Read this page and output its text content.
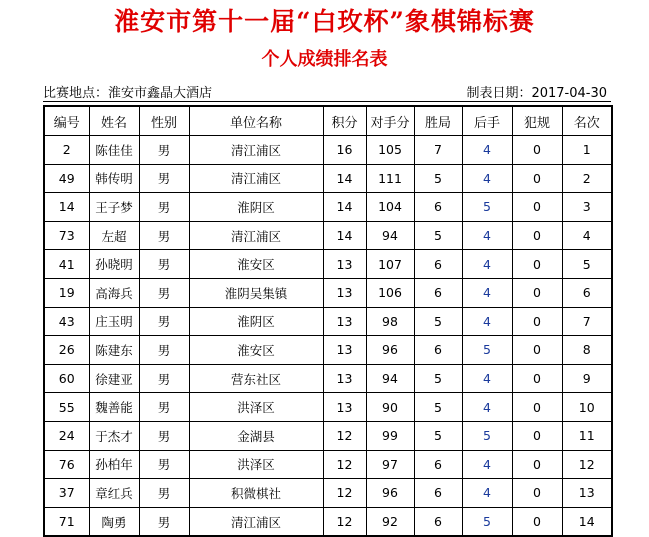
淮安市第十一届“白玫杯”象棋锦标赛
个人成绩排名表
比赛地点：淮安市鑫晶大酒店	制表日期：2017-04-30
编号	姓名	性别	单位名称	积分	对手分	胜局	后手	犯规	名次
2	陈佳佳	男	清江浦区	16	105	7	4	0	1
49	韩传明	男	清江浦区	14	111	5	4	0	2
14	王子梦	男	淮阴区	14	104	6	5	0	3
73	左超	男	清江浦区	14	94	5	4	0	4
41	孙晓明	男	淮安区	13	107	6	4	0	5
19	高海兵	男	淮阴吴集镇	13	106	6	4	0	6
43	庄玉明	男	淮阴区	13	98	5	4	0	7
26	陈建东	男	淮安区	13	96	6	5	0	8
60	徐建亚	男	营东社区	13	94	5	4	0	9
55	魏善能	男	洪泽区	13	90	5	4	0	10
24	于杰才	男	金湖县	12	99	5	5	0	11
76	孙柏年	男	洪泽区	12	97	6	4	0	12
37	章红兵	男	积微棋社	12	96	6	4	0	13
71	陶勇	男	清江浦区	12	92	6	5	0	14
